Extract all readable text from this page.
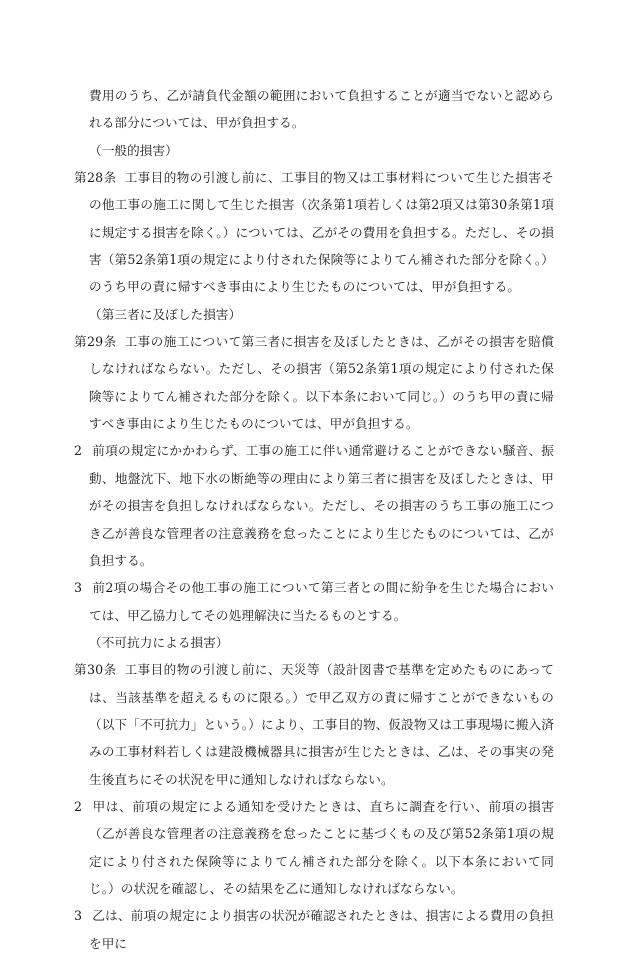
費用のうち、乙が請負代金額の範囲において負担することが適当でないと認められる部分については、甲が負担する。

（一般的損害）

第28条 工事目的物の引渡し前に、工事目的物又は工事材料について生じた損害その他工事の施工に関して生じた損害（次条第1項若しくは第2項又は第30条第1項に規定する損害を除く。）については、乙がその費用を負担する。ただし、その損害（第52条第1項の規定により付された保険等によりてん補された部分を除く。）のうち甲の責に帰すべき事由により生じたものについては、甲が負担する。

（第三者に及ぼした損害）

第29条 工事の施工について第三者に損害を及ぼしたときは、乙がその損害を賠償しなければならない。ただし、その損害（第52条第1項の規定により付された保険等によりてん補された部分を除く。以下本条において同じ。）のうち甲の責に帰すべき事由により生じたものについては、甲が負担する。

2 前項の規定にかかわらず、工事の施工に伴い通常避けることができない騒音、振動、地盤沈下、地下水の断絶等の理由により第三者に損害を及ぼしたときは、甲がその損害を負担しなければならない。ただし、その損害のうち工事の施工につき乙が善良な管理者の注意義務を怠ったことにより生じたものについては、乙が負担する。

3 前2項の場合その他工事の施工について第三者との間に紛争を生じた場合においては、甲乙協力してその処理解決に当たるものとする。

（不可抗力による損害）

第30条 工事目的物の引渡し前に、天災等（設計図書で基準を定めたものにあっては、当該基準を超えるものに限る。）で甲乙双方の責に帰すことができないもの（以下「不可抗力」という。）により、工事目的物、仮設物又は工事現場に搬入済みの工事材料若しくは建設機械器具に損害が生じたときは、乙は、その事実の発生後直ちにその状況を甲に通知しなければならない。

2 甲は、前項の規定による通知を受けたときは、直ちに調査を行い、前項の損害（乙が善良な管理者の注意義務を怠ったことに基づくもの及び第52条第1項の規定により付された保険等によりてん補された部分を除く。以下本条において同じ。）の状況を確認し、その結果を乙に通知しなければならない。

3 乙は、前項の規定により損害の状況が確認されたときは、損害による費用の負担を甲に
